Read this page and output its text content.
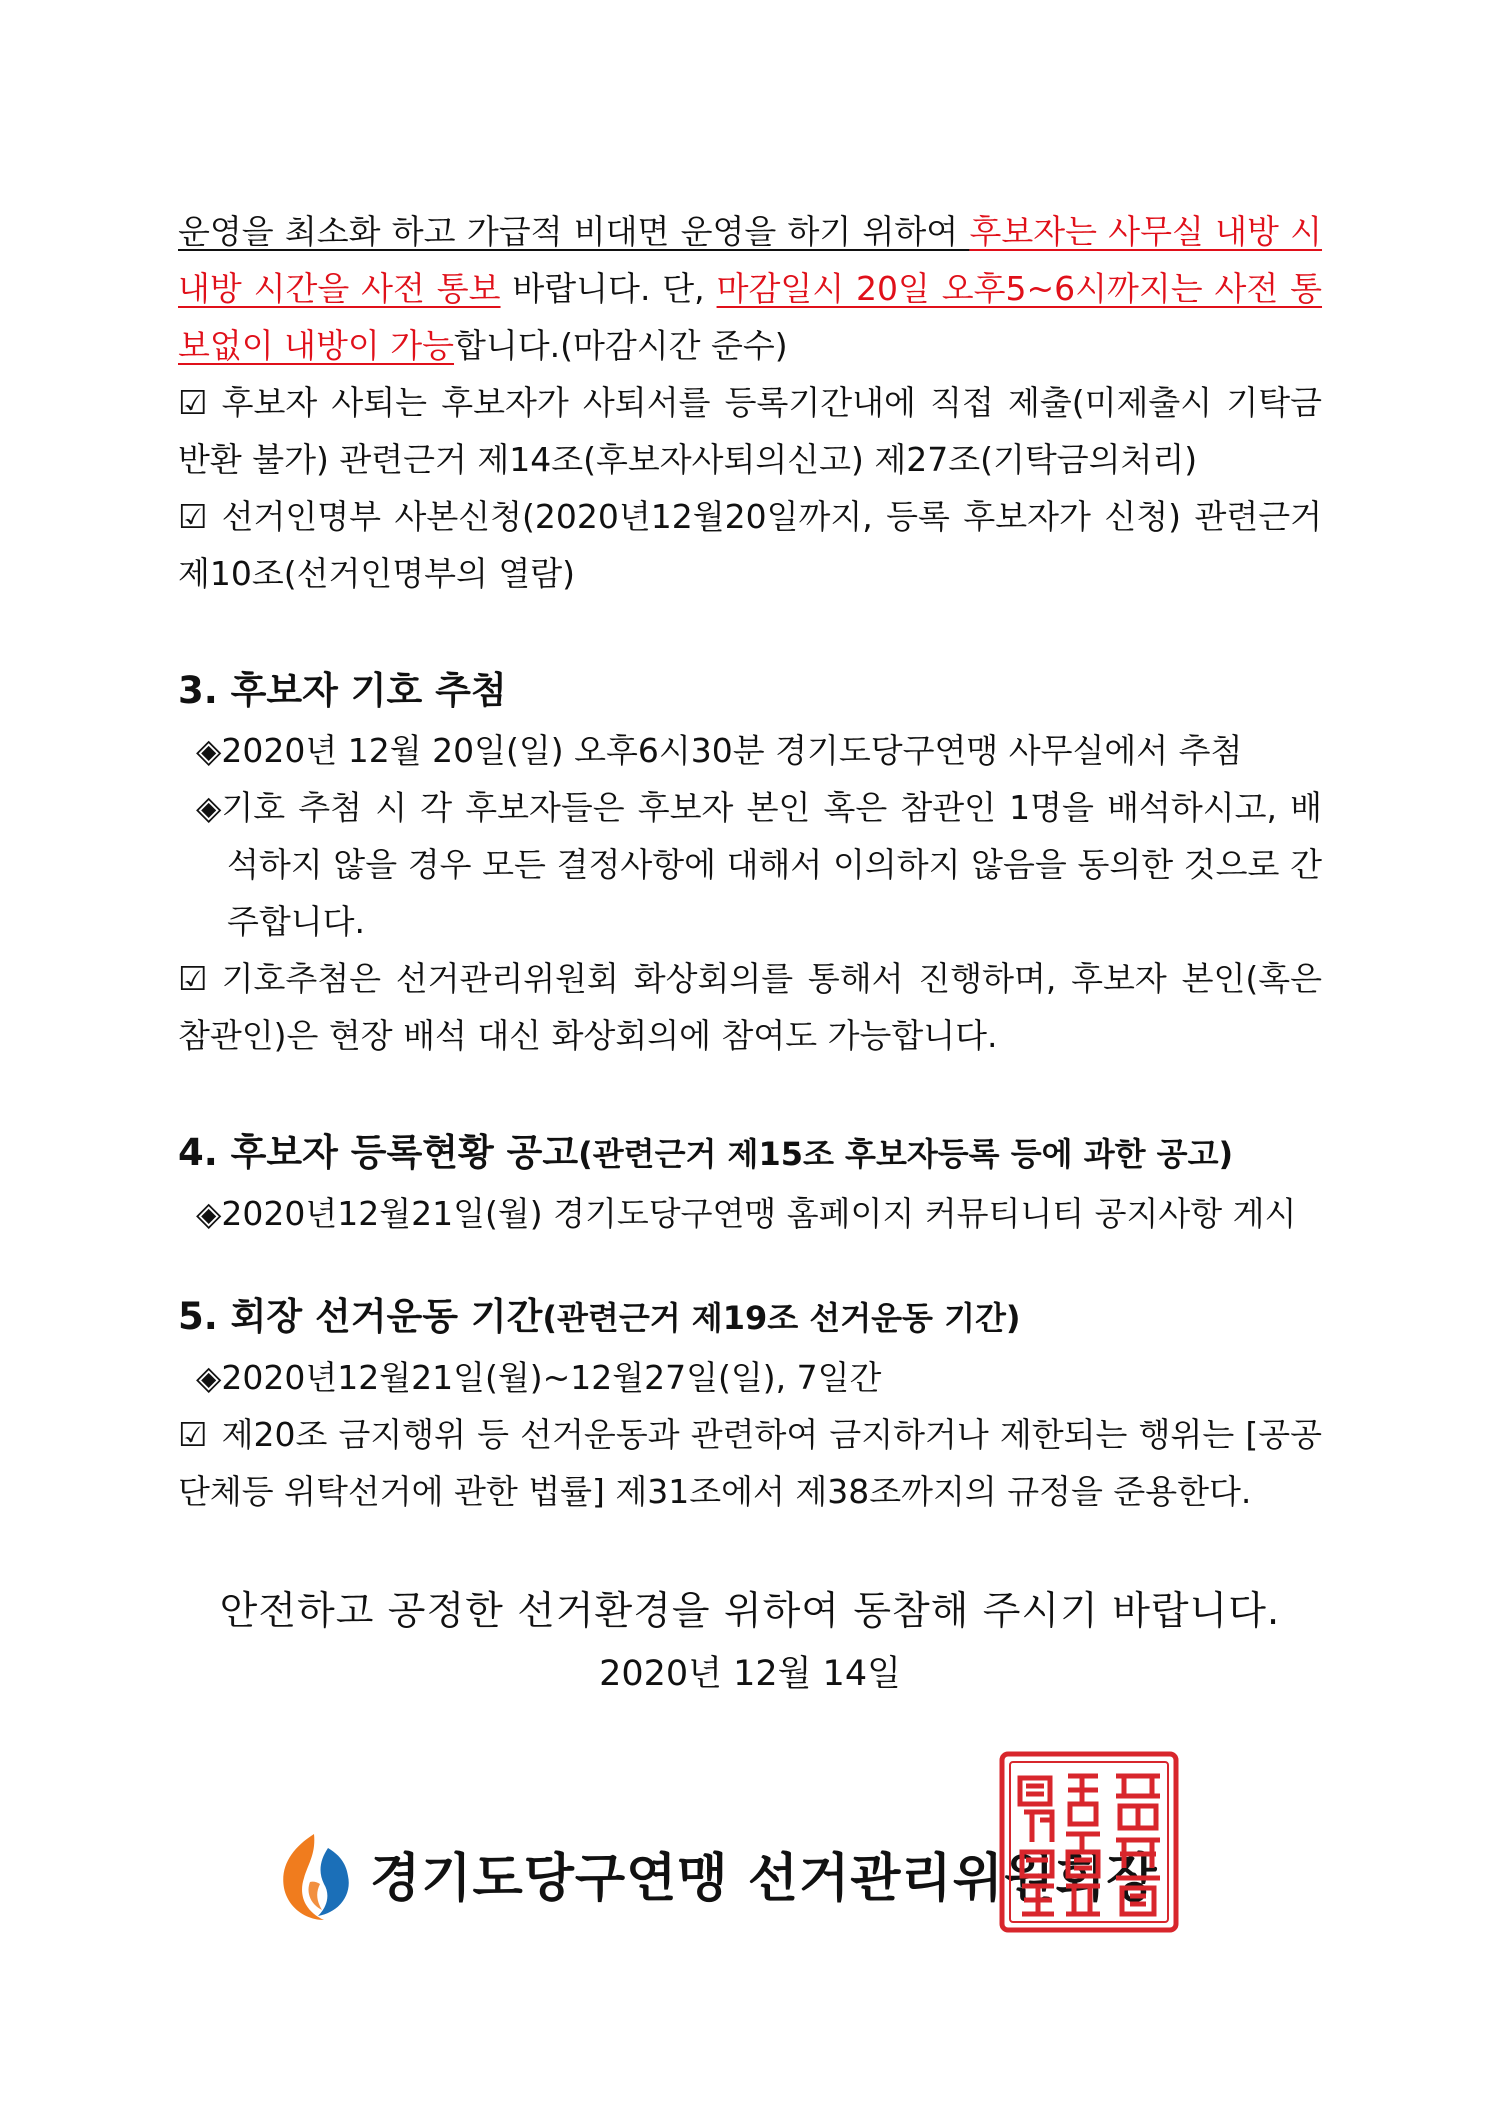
운영을 최소화 하고 가급적 비대면 운영을 하기 위하여 후보자는 사무실 내방 시 내방 시간을 사전 통보 바랍니다. 단, 마감일시 20일 오후5~6시까지는 사전 통보없이 내방이 가능합니다.(마감시간 준수)

☑ 후보자 사퇴는 후보자가 사퇴서를 등록기간내에 직접 제출(미제출시 기탁금 반환 불가) 관련근거 제14조(후보자사퇴의신고) 제27조(기탁금의처리)

☑ 선거인명부 사본신청(2020년12월20일까지, 등록 후보자가 신청) 관련근거 제10조(선거인명부의 열람)

3. 후보자 기호 추첨

◈2020년 12월 20일(일) 오후6시30분 경기도당구연맹 사무실에서 추첨

◈기호 추첨 시 각 후보자들은 후보자 본인 혹은 참관인 1명을 배석하시고, 배석하지 않을 경우 모든 결정사항에 대해서 이의하지 않음을 동의한 것으로 간주합니다.

☑ 기호추첨은 선거관리위원회 화상회의를 통해서 진행하며, 후보자 본인(혹은 참관인)은 현장 배석 대신 화상회의에 참여도 가능합니다.

4. 후보자 등록현황 공고(관련근거 제15조 후보자등록 등에 과한 공고)

◈2020년12월21일(월) 경기도당구연맹 홈페이지 커뮤티니티 공지사항 게시

5. 회장 선거운동 기간(관련근거 제19조 선거운동 기간)

◈2020년12월21일(월)~12월27일(일), 7일간

☑ 제20조 금지행위 등 선거운동과 관련하여 금지하거나 제한되는 행위는 [공공단체등 위탁선거에 관한 법률] 제31조에서 제38조까지의 규정을 준용한다.

안전하고 공정한 선거환경을 위하여 동참해 주시기 바랍니다.

2020년 12월 14일

경기도당구연맹 선거관리위원회장
